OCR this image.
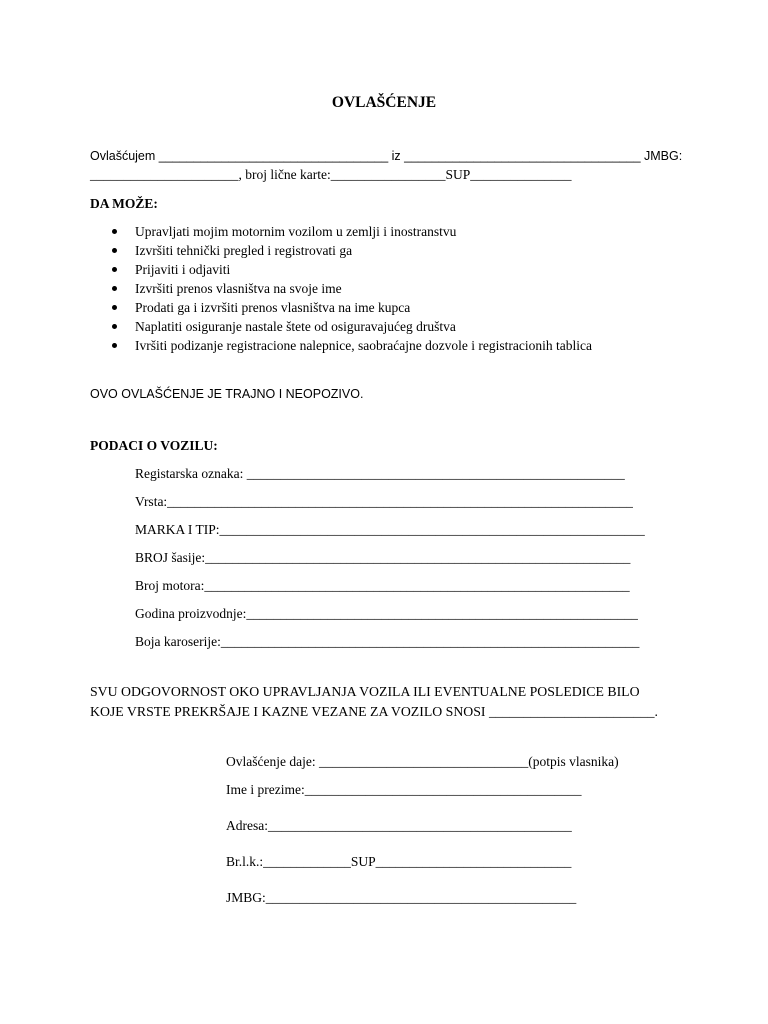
OVLAŠĆENJE
Ovlašćujem _________________________________ iz __________________________________ JMBG:
______________________, broj lične karte:_________________SUP_______________
DA MOŽE:
Upravljati mojim motornim vozilom u zemlji i inostranstvu
Izvršiti tehnički pregled i registrovati ga
Prijaviti i odjaviti
Izvršiti prenos vlasništva na svoje ime
Prodati ga i izvršiti prenos vlasništva na ime kupca
Naplatiti osiguranje nastale štete od osiguravajućeg društva
Ivršiti podizanje registracione nalepnice, saobraćajne dozvole i registracionih tablica
OVO OVLAŠĆENJE JE TRAJNO I NEOPOZIVO.
PODACI O VOZILU:
Registarska oznaka: ________________________________________________________
Vrsta:_____________________________________________________________________
MARKA I TIP:_______________________________________________________________
BROJ šasije:_______________________________________________________________
Broj motora:_______________________________________________________________
Godina proizvodnje:__________________________________________________________
Boja karoserije:______________________________________________________________
SVU ODGOVORNOST OKO UPRAVLJANJA VOZILA ILI EVENTUALNE POSLEDICE BILO
KOJE VRSTE PREKRŠAJE I KAZNE VEZANE ZA VOZILO SNOSI ________________________.
Ovlašćenje daje: _______________________________(potpis vlasnika)
Ime i prezime:_________________________________________
Adresa:_____________________________________________
Br.l.k.:_____________SUP_____________________________
JMBG:______________________________________________
